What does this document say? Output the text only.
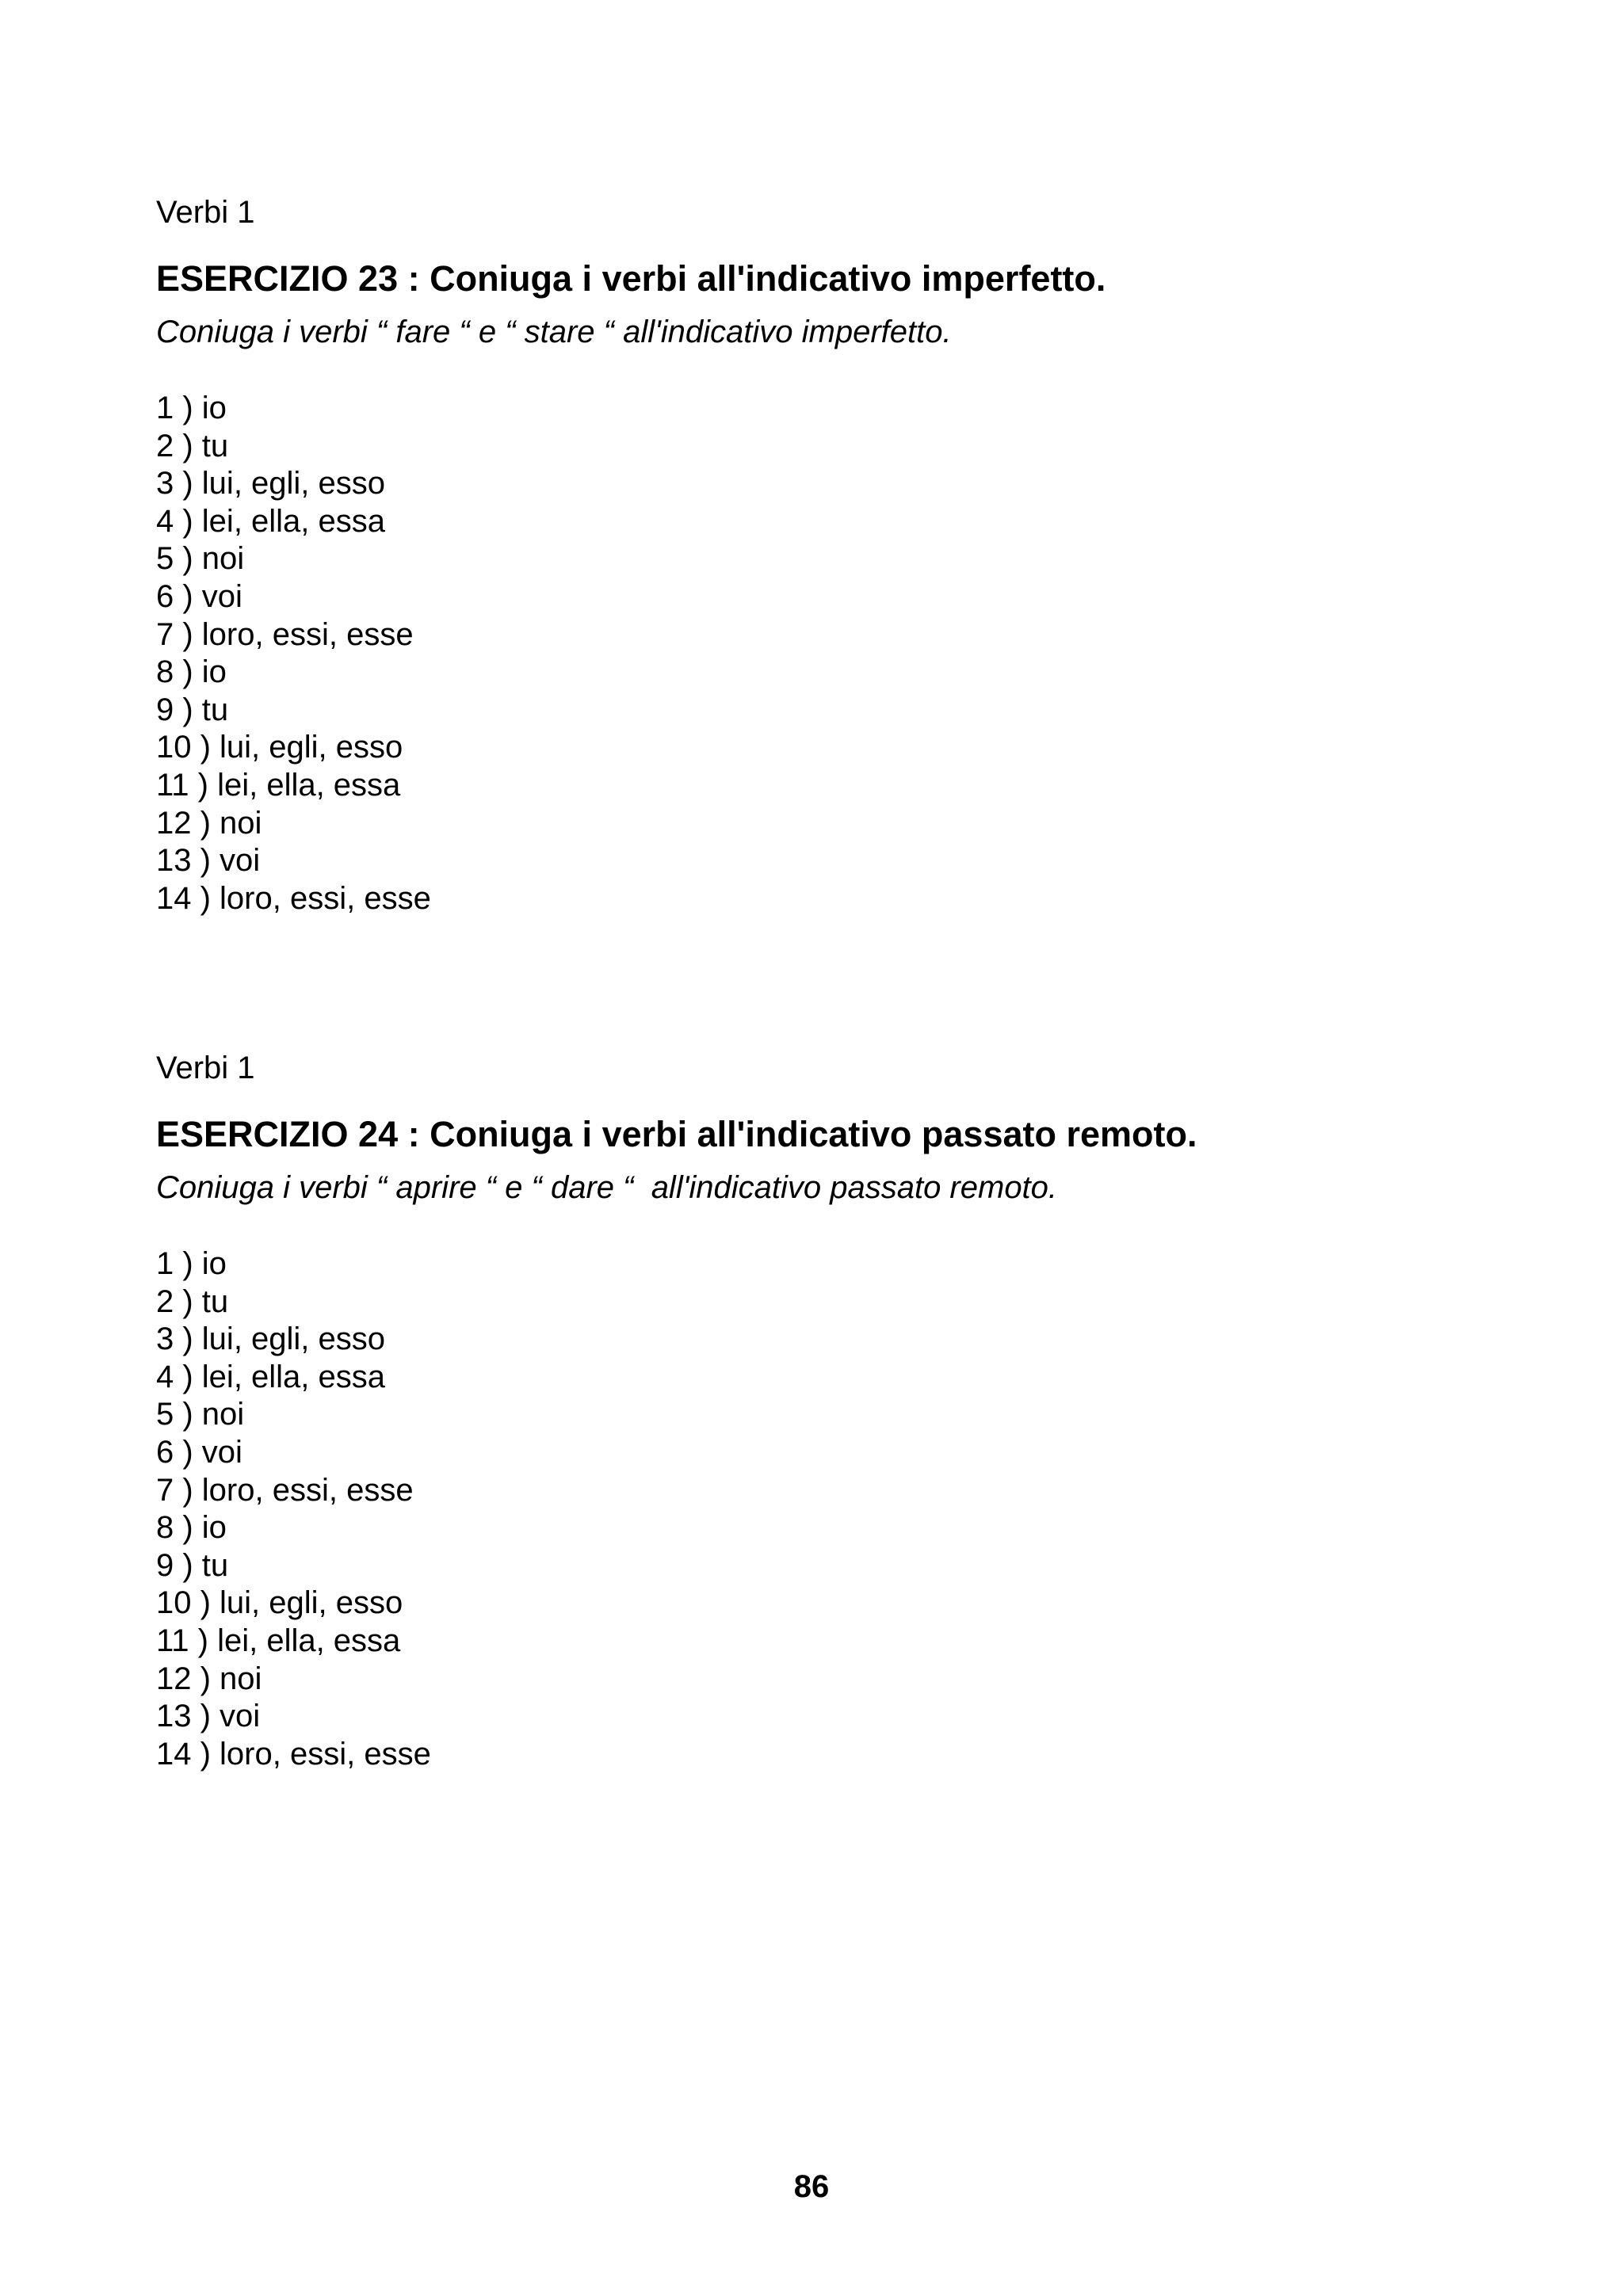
Verbi 1

ESERCIZIO 23 : Coniuga i verbi all'indicativo imperfetto.

Coniuga i verbi “ fare “ e “ stare “ all'indicativo imperfetto.

1 ) io
2 ) tu
3 ) lui, egli, esso
4 ) lei, ella, essa
5 ) noi
6 ) voi
7 ) loro, essi, esse
8 ) io
9 ) tu
10 ) lui, egli, esso
11 ) lei, ella, essa
12 ) noi
13 ) voi
14 ) loro, essi, esse

Verbi 1

ESERCIZIO 24 : Coniuga i verbi all'indicativo passato remoto.

Coniuga i verbi “ aprire “ e “ dare “  all'indicativo passato remoto.

1 ) io
2 ) tu
3 ) lui, egli, esso
4 ) lei, ella, essa
5 ) noi
6 ) voi
7 ) loro, essi, esse
8 ) io
9 ) tu
10 ) lui, egli, esso
11 ) lei, ella, essa
12 ) noi
13 ) voi
14 ) loro, essi, esse
86
